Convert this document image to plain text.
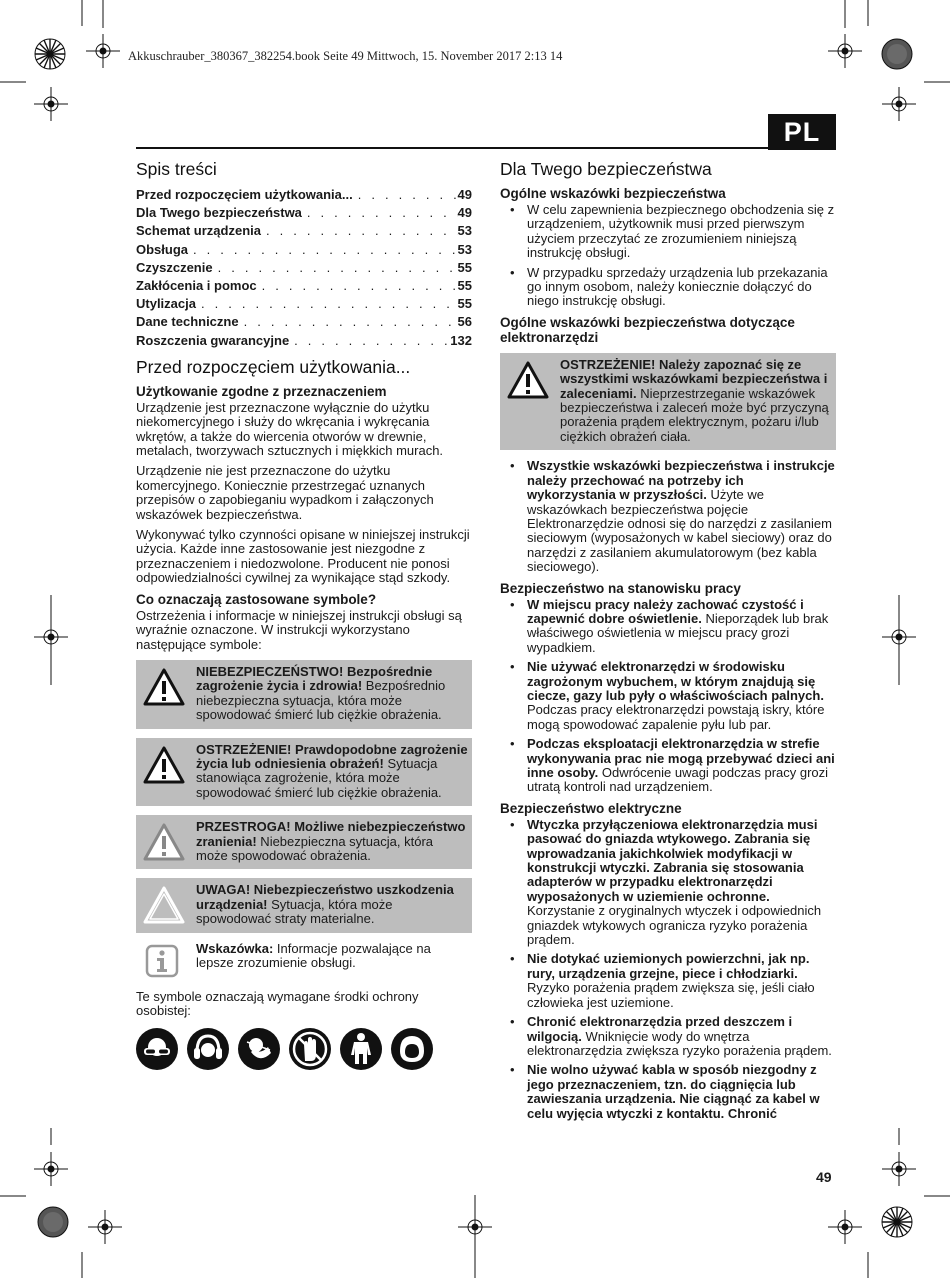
Akkuschrauber_380367_382254.book Seite 49 Mittwoch, 15. November 2017 2:13 14
PL
Spis treści
Przed rozpoczęciem użytkowania... . . .	49
Dla Twego bezpieczeństwa . . .	49
Schemat urządzenia . . .	53
Obsługa . . .	53
Czyszczenie . . .	55
Zakłócenia i pomoc . . .	55
Utylizacja . . .	55
Dane techniczne . . .	56
Roszczenia gwarancyjne . . .	132
Przed rozpoczęciem użytkowania...
Użytkowanie zgodne z przeznaczeniem

Urządzenie jest przeznaczone wyłącznie do użytku niekomercyjnego i służy do wkręcania i wykręcania wkrętów, a także do wiercenia otworów w drewnie, metalach, tworzywach sztucznych i miękkich murach.

Urządzenie nie jest przeznaczone do użytku komercyjnego. Koniecznie przestrzegać uznanych przepisów o zapobieganiu wypadkom i załączonych wskazówek bezpieczeństwa.

Wykonywać tylko czynności opisane w niniejszej instrukcji użycia. Każde inne zastosowanie jest niezgodne z przeznaczeniem i niedozwolone. Producent nie ponosi odpowiedzialności cywilnej za wynikające stąd szkody.

Co oznaczają zastosowane symbole?

Ostrzeżenia i informacje w niniejszej instrukcji obsługi są wyraźnie oznaczone. W instrukcji wykorzystano następujące symbole:

NIEBEZPIECZEŃSTWO! Bezpośrednie zagrożenie życia i zdrowia! Bezpośrednio niebezpieczna sytuacja, która może spowodować śmierć lub ciężkie obrażenia.
OSTRZEŻENIE! Prawdopodobne zagrożenie życia lub odniesienia obrażeń! Sytuacja stanowiąca zagrożenie, która może spowodować śmierć lub ciężkie obrażenia.
PRZESTROGA! Możliwe niebezpieczeństwo zranienia! Niebezpieczna sytuacja, która może spowodować obrażenia.
UWAGA! Niebezpieczeństwo uszkodzenia urządzenia! Sytuacja, która może spowodować straty materialne.
Wskazówka: Informacje pozwalające na lepsze zrozumienie obsługi.

Te symbole oznaczają wymagane środki ochrony osobistej:

Dla Twego bezpieczeństwa
Ogólne wskazówki bezpieczeństwa
• W celu zapewnienia bezpiecznego obchodzenia się z urządzeniem, użytkownik musi przed pierwszym użyciem przeczytać ze zrozumieniem niniejszą instrukcję obsługi.
• W przypadku sprzedaży urządzenia lub przekazania go innym osobom, należy koniecznie dołączyć do niego instrukcję obsługi.
Ogólne wskazówki bezpieczeństwa dotyczące elektronarzędzi
OSTRZEŻENIE! Należy zapoznać się ze wszystkimi wskazówkami bezpieczeństwa i zaleceniami. Nieprzestrzeganie wskazówek bezpieczeństwa i zaleceń może być przyczyną porażenia prądem elektrycznym, pożaru i/lub ciężkich obrażeń ciała.
• Wszystkie wskazówki bezpieczeństwa i instrukcje należy przechować na potrzeby ich wykorzystania w przyszłości. Użyte we wskazówkach bezpieczeństwa pojęcie Elektronarzędzie odnosi się do narzędzi z zasilaniem sieciowym (wyposażonych w kabel sieciowy) oraz do narzędzi z zasilaniem akumulatorowym (bez kabla sieciowego).
Bezpieczeństwo na stanowisku pracy
• W miejscu pracy należy zachować czystość i zapewnić dobre oświetlenie. Nieporządek lub brak właściwego oświetlenia w miejscu pracy grozi wypadkiem.
• Nie używać elektronarzędzi w środowisku zagrożonym wybuchem, w którym znajdują się ciecze, gazy lub pyły o właściwościach palnych. Podczas pracy elektronarzędzi powstają iskry, które mogą spowodować zapalenie pyłu lub par.
• Podczas eksploatacji elektronarzędzia w strefie wykonywania prac nie mogą przebywać dzieci ani inne osoby. Odwrócenie uwagi podczas pracy grozi utratą kontroli nad urządzeniem.
Bezpieczeństwo elektryczne
• Wtyczka przyłączeniowa elektronarzędzia musi pasować do gniazda wtykowego. Zabrania się wprowadzania jakichkolwiek modyfikacji w konstrukcji wtyczki. Zabrania się stosowania adapterów w przypadku elektronarzędzi wyposażonych w uziemienie ochronne. Korzystanie z oryginalnych wtyczek i odpowiednich gniazdek wtykowych ogranicza ryzyko porażenia prądem.
• Nie dotykać uziemionych powierzchni, jak np. rury, urządzenia grzejne, piece i chłodziarki. Ryzyko porażenia prądem zwiększa się, jeśli ciało człowieka jest uziemione.
• Chronić elektronarzędzia przed deszczem i wilgocią. Wniknięcie wody do wnętrza elektronarzędzia zwiększa ryzyko porażenia prądem.
• Nie wolno używać kabla w sposób niezgodny z jego przeznaczeniem, tzn. do ciągnięcia lub zawieszania urządzenia. Nie ciągnąć za kabel w celu wyjęcia wtyczki z kontaktu. Chronić
49
